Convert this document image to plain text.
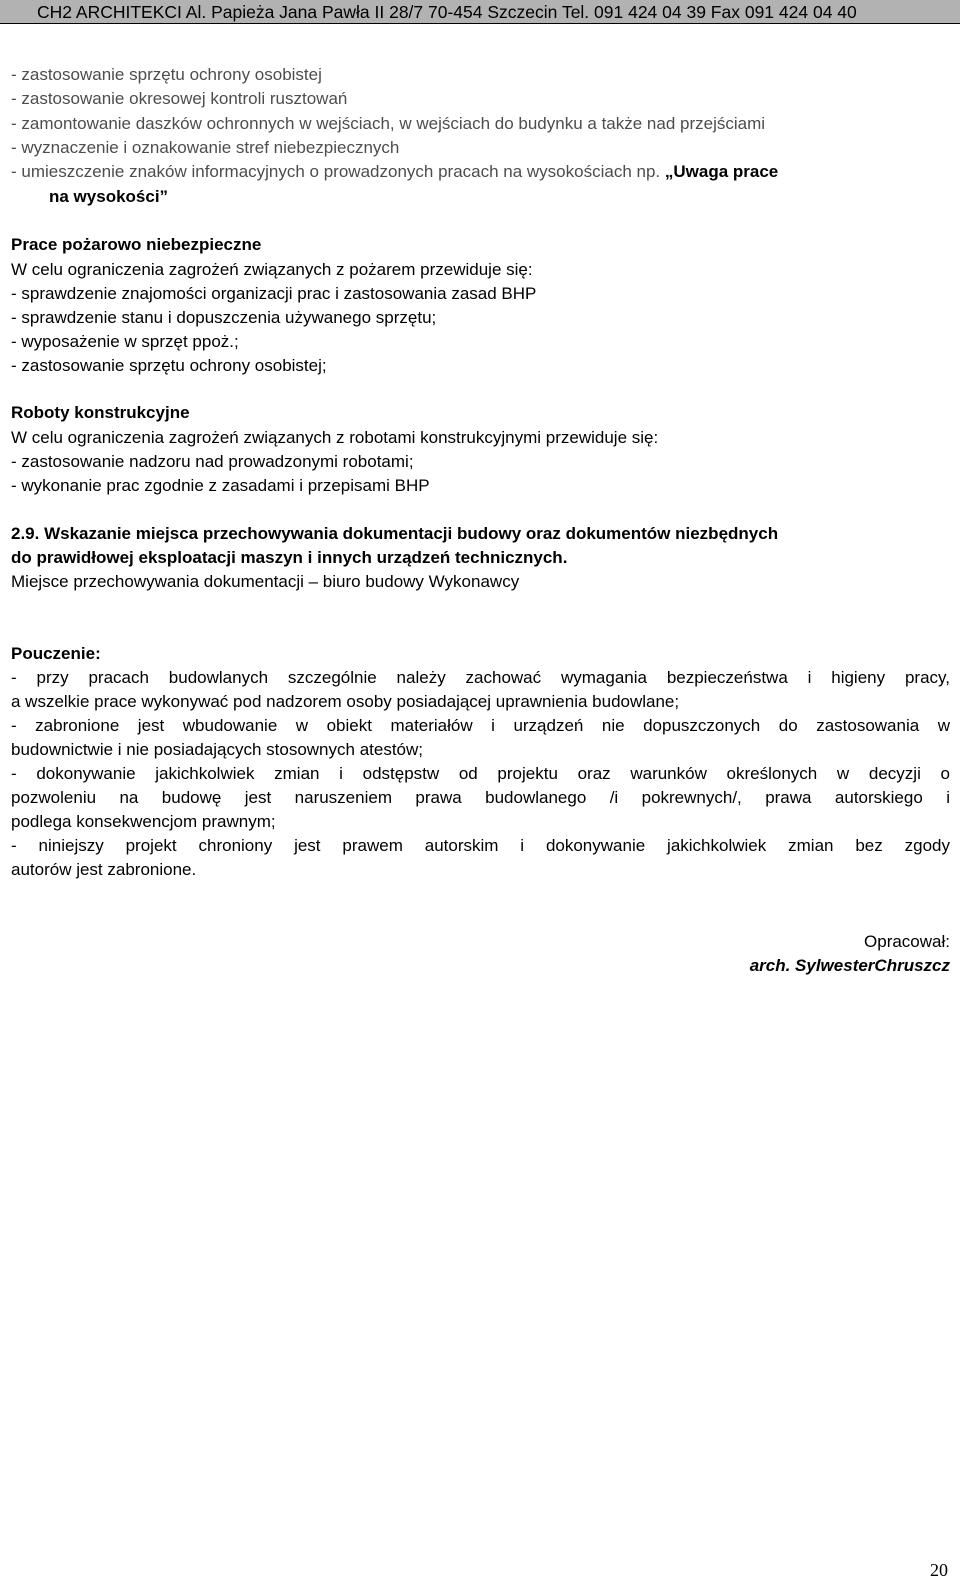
CH2 ARCHITEKCI Al. Papieża Jana Pawła II 28/7 70-454 Szczecin Tel. 091 424 04 39 Fax 091 424 04 40
- zastosowanie sprzętu ochrony osobistej
- zastosowanie okresowej kontroli rusztowań
- zamontowanie daszków ochronnych w wejściach, w wejściach do budynku a także nad przejściami
- wyznaczenie i oznakowanie stref niebezpiecznych
- umieszczenie znaków informacyjnych o prowadzonych pracach na wysokościach np. „Uwaga prace
na wysokości”
Prace pożarowo niebezpieczne
W celu ograniczenia zagrożeń związanych z pożarem przewiduje się:
- sprawdzenie znajomości organizacji prac i zastosowania zasad BHP
- sprawdzenie stanu i dopuszczenia używanego sprzętu;
- wyposażenie w sprzęt ppoż.;
- zastosowanie sprzętu ochrony osobistej;
Roboty konstrukcyjne
W celu ograniczenia zagrożeń związanych z robotami konstrukcyjnymi przewiduje się:
- zastosowanie nadzoru nad prowadzonymi robotami;
- wykonanie prac zgodnie z zasadami i przepisami BHP
2.9. Wskazanie miejsca przechowywania dokumentacji budowy oraz dokumentów niezbędnych
do prawidłowej eksploatacji maszyn i innych urządzeń technicznych.
Miejsce przechowywania dokumentacji – biuro budowy Wykonawcy
Pouczenie:
- przy pracach budowlanych szczególnie należy zachować wymagania bezpieczeństwa i higieny pracy,
a wszelkie prace wykonywać pod nadzorem osoby posiadającej uprawnienia budowlane;
- zabronione jest wbudowanie w obiekt materiałów i urządzeń nie dopuszczonych do zastosowania w
budownictwie i nie posiadających stosownych atestów;
- dokonywanie jakichkolwiek zmian i odstępstw od projektu oraz warunków określonych w decyzji o
pozwoleniu na budowę jest naruszeniem prawa budowlanego /i pokrewnych/, prawa autorskiego i
podlega konsekwencjom prawnym;
- niniejszy projekt chroniony jest prawem autorskim i dokonywanie jakichkolwiek zmian bez zgody
autorów jest zabronione.
Opracował:
arch. SylwesterChruszcz
20
